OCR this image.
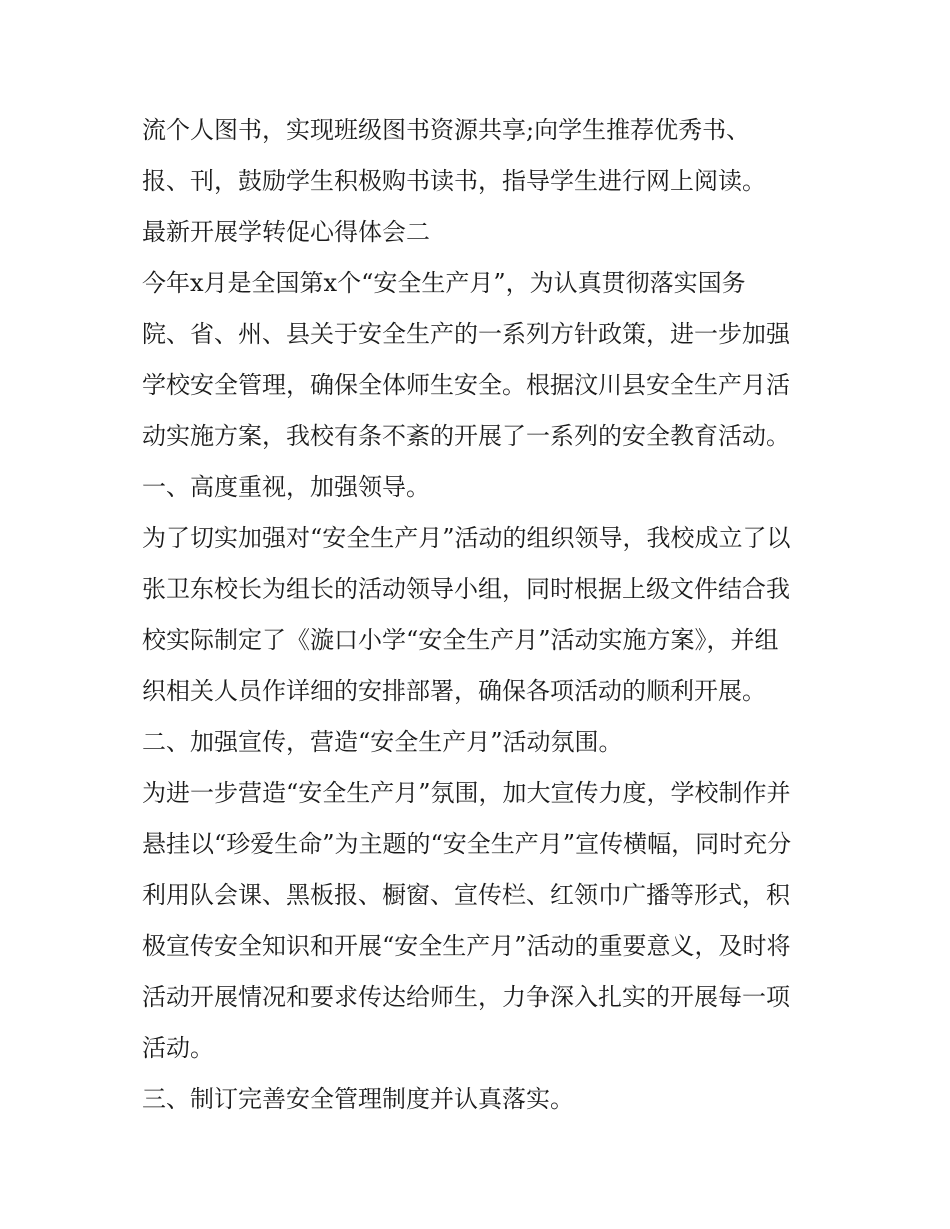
流个人图书，实现班级图书资源共享;向学生推荐优秀书、

报、刊，鼓励学生积极购书读书，指导学生进行网上阅读。

最新开展学转促心得体会二

今年x月是全国第x个“安全生产月”，为认真贯彻落实国务

院、省、州、县关于安全生产的一系列方针政策，进一步加强

学校安全管理，确保全体师生安全。根据汶川县安全生产月活

动实施方案，我校有条不紊的开展了一系列的安全教育活动。

一、高度重视，加强领导。

为了切实加强对“安全生产月”活动的组织领导，我校成立了以

张卫东校长为组长的活动领导小组，同时根据上级文件结合我

校实际制定了《漩口小学“安全生产月”活动实施方案》，并组

织相关人员作详细的安排部署，确保各项活动的顺利开展。

二、加强宣传，营造“安全生产月”活动氛围。

为进一步营造“安全生产月”氛围，加大宣传力度，学校制作并

悬挂以“珍爱生命”为主题的“安全生产月”宣传横幅，同时充分

利用队会课、黑板报、橱窗、宣传栏、红领巾广播等形式，积

极宣传安全知识和开展“安全生产月”活动的重要意义，及时将

活动开展情况和要求传达给师生，力争深入扎实的开展每一项

活动。

三、制订完善安全管理制度并认真落实。
